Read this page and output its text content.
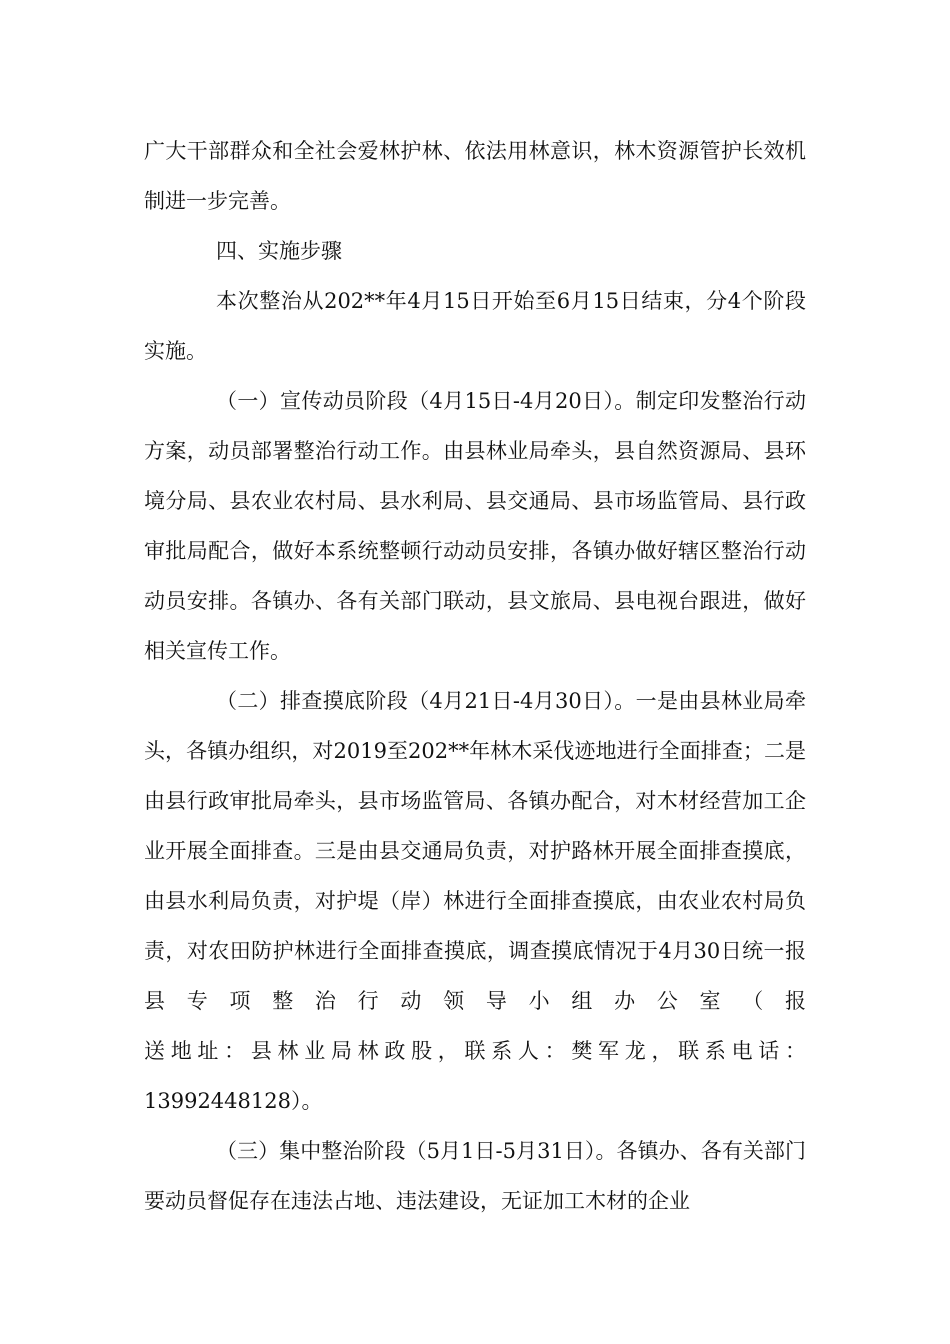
广大干部群众和全社会爱林护林、依法用林意识，林木资源管护长效机制进一步完善。

四、实施步骤

本次整治从202**年4月15日开始至6月15日结束，分4个阶段实施。

（一）宣传动员阶段（4月15日-4月20日）。制定印发整治行动方案，动员部署整治行动工作。由县林业局牵头，县自然资源局、县环境分局、县农业农村局、县水利局、县交通局、县市场监管局、县行政审批局配合，做好本系统整顿行动动员安排，各镇办做好辖区整治行动动员安排。各镇办、各有关部门联动，县文旅局、县电视台跟进，做好相关宣传工作。

（二）排查摸底阶段（4月21日-4月30日）。一是由县林业局牵头，各镇办组织，对2019至202**年林木采伐迹地进行全面排查；二是由县行政审批局牵头，县市场监管局、各镇办配合，对木材经营加工企业开展全面排查。三是由县交通局负责，对护路林开展全面排查摸底，由县水利局负责，对护堤（岸）林进行全面排查摸底，由农业农村局负责，对农田防护林进行全面排查摸底，调查摸底情况于4月30日统一报县专项整治行动领导小组办公室（报

送地址：县林业局林政股，联系人：樊军龙，联系电话：

13992448128）。

（三）集中整治阶段（5月1日-5月31日）。各镇办、各有关部门要动员督促存在违法占地、违法建设，无证加工木材的企业
